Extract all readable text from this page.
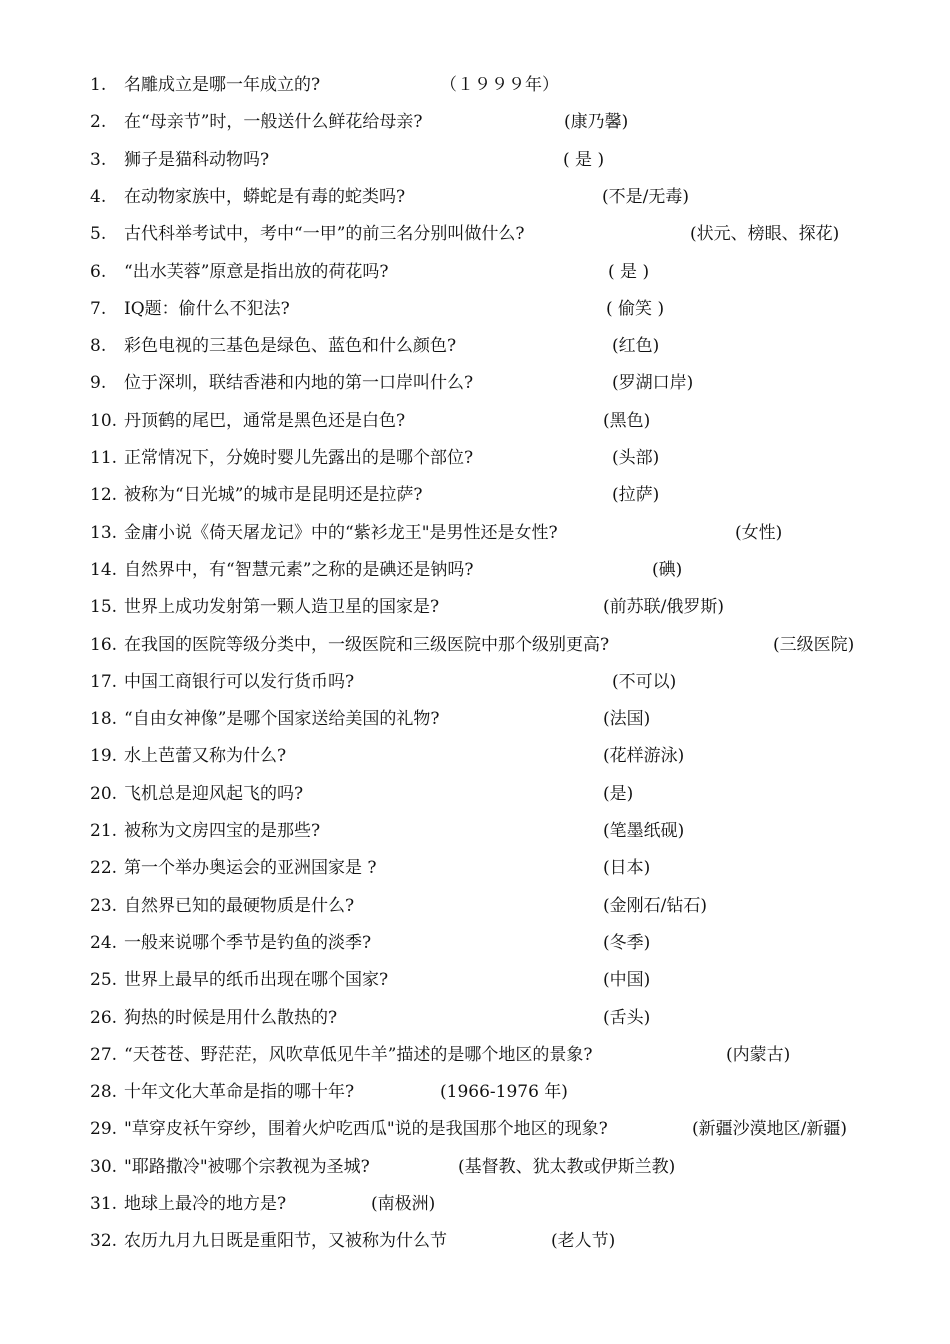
1. 名雕成立是哪一年成立的?	（１９９９年）
2. 在“母亲节”时，一般送什么鲜花给母亲?	(康乃馨)
3. 狮子是猫科动物吗?	( 是 )
4. 在动物家族中，蟒蛇是有毒的蛇类吗?	(不是/无毒)
5. 古代科举考试中，考中“一甲”的前三名分别叫做什么?	(状元、榜眼、探花)
6. “出水芙蓉”原意是指出放的荷花吗?	( 是 )
7. IQ题：偷什么不犯法?	( 偷笑 )
8. 彩色电视的三基色是绿色、蓝色和什么颜色?	(红色)
9. 位于深圳，联结香港和内地的第一口岸叫什么?	(罗湖口岸)
10. 丹顶鹤的尾巴，通常是黑色还是白色?	(黑色)
11. 正常情况下，分娩时婴儿先露出的是哪个部位?	(头部)
12. 被称为“日光城”的城市是昆明还是拉萨?	(拉萨)
13. 金庸小说《倚天屠龙记》中的“紫衫龙王"是男性还是女性?	(女性)
14. 自然界中，有“智慧元素”之称的是碘还是钠吗?	(碘)
15. 世界上成功发射第一颗人造卫星的国家是?	(前苏联/俄罗斯)
16. 在我国的医院等级分类中，一级医院和三级医院中那个级别更高?	(三级医院)
17. 中国工商银行可以发行货币吗?	(不可以)
18. “自由女神像”是哪个国家送给美国的礼物?	(法国)
19. 水上芭蕾又称为什么?	(花样游泳)
20. 飞机总是迎风起飞的吗?	(是)
21. 被称为文房四宝的是那些?	(笔墨纸砚)
22. 第一个举办奥运会的亚洲国家是 ?	(日本)
23. 自然界已知的最硬物质是什么?	(金刚石/钻石)
24. 一般来说哪个季节是钓鱼的淡季?	(冬季)
25. 世界上最早的纸币出现在哪个国家?	(中国)
26. 狗热的时候是用什么散热的?	(舌头)
27. “天苍苍、野茫茫，风吹草低见牛羊”描述的是哪个地区的景象?	(内蒙古)
28. 十年文化大革命是指的哪十年?	(1966-1976 年)
29. "草穿皮袄午穿纱，围着火炉吃西瓜"说的是我国那个地区的现象?	(新疆沙漠地区/新疆)
30. "耶路撒冷"被哪个宗教视为圣城?	(基督教、犹太教或伊斯兰教)
31. 地球上最冷的地方是?	(南极洲)
32. 农历九月九日既是重阳节，又被称为什么节	(老人节)
